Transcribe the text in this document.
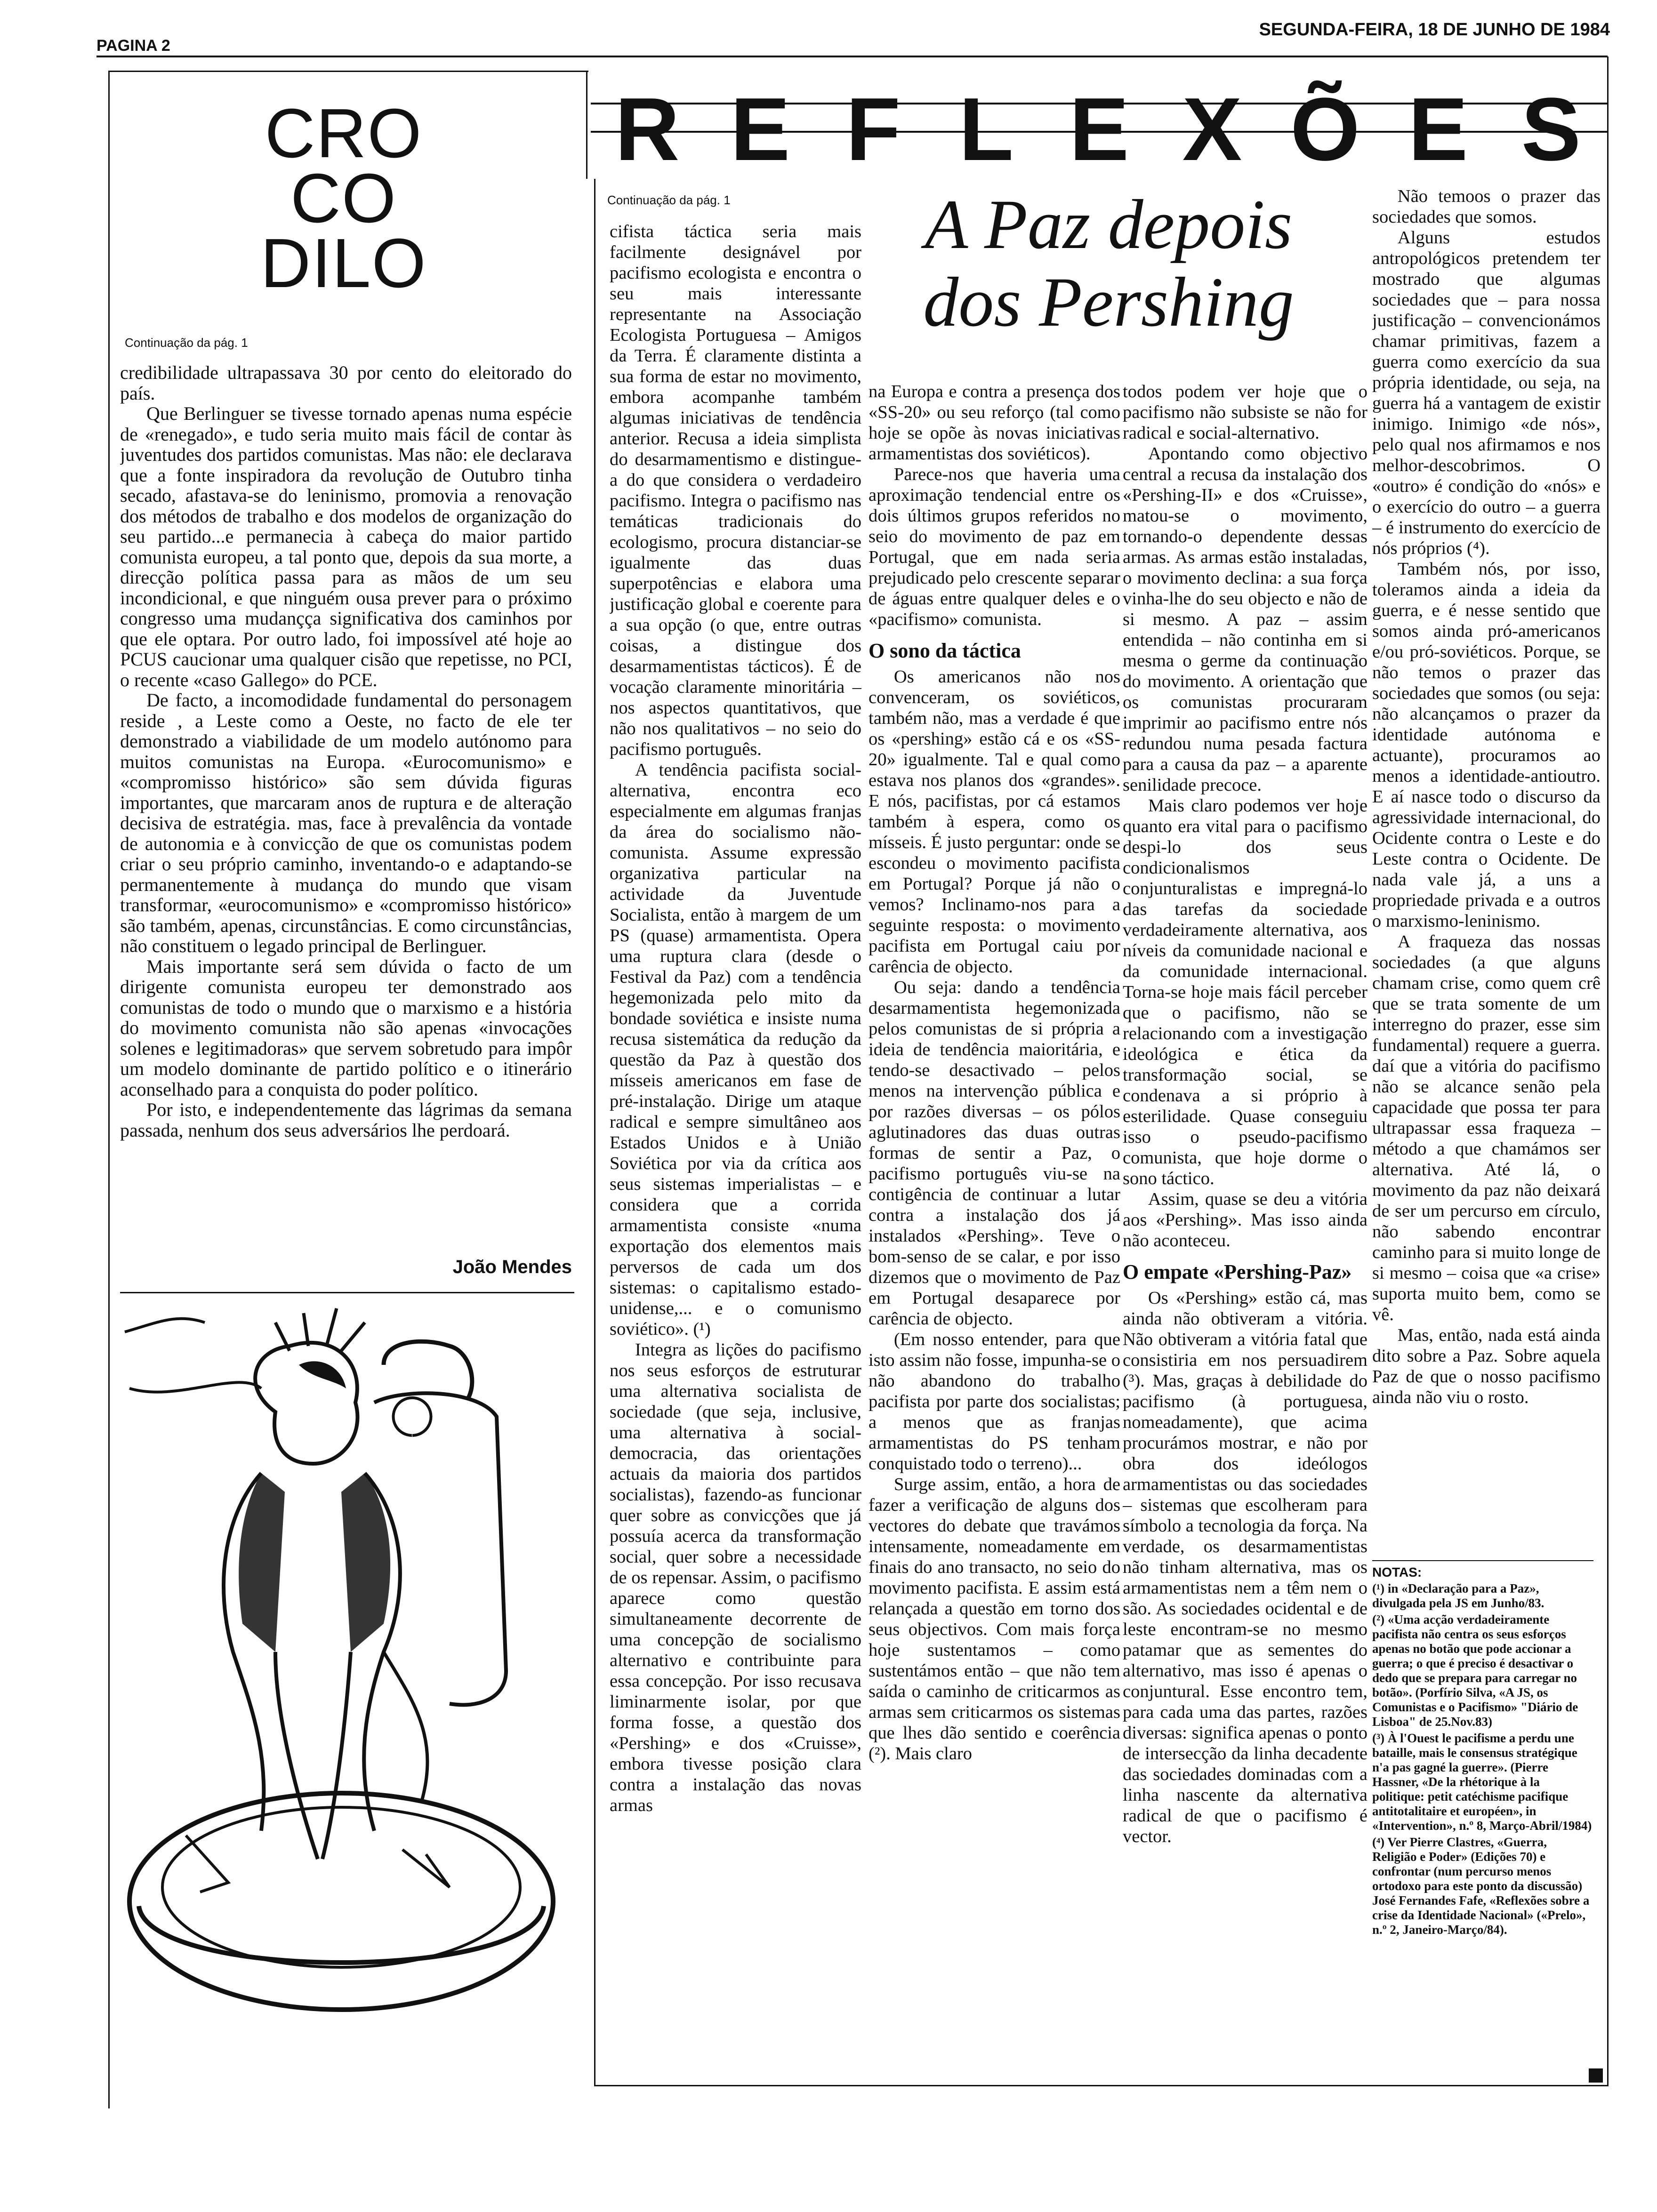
PAGINA 2
SEGUNDA-FEIRA, 18 DE JUNHO DE 1984
CRO
CO
DILO
Continuação da pág. 1

credibilidade ultrapassava 30 por cento do eleitorado do país.

Que Berlinguer se tivesse tornado apenas numa espécie de «renegado», e tudo seria muito mais fácil de contar às juventudes dos partidos comunistas. Mas não: ele declarava que a fonte inspiradora da revolução de Outubro tinha secado, afastava-se do leninismo, promovia a renovação dos métodos de trabalho e dos modelos de organização do seu partido...e permanecia à cabeça do maior partido comunista europeu, a tal ponto que, depois da sua morte, a direcção política passa para as mãos de um seu incondicional, e que ninguém ousa prever para o próximo congresso uma mudançça significativa dos caminhos por que ele optara. Por outro lado, foi impossível até hoje ao PCUS caucionar uma qualquer cisão que repetisse, no PCI, o recente «caso Gallego» do PCE.

De facto, a incomodidade fundamental do personagem reside , a Leste como a Oeste, no facto de ele ter demonstrado a viabilidade de um modelo autónomo para muitos comunistas na Europa. «Eurocomunismo» e «compromisso histórico» são sem dúvida figuras importantes, que marcaram anos de ruptura e de alteração decisiva de estratégia. mas, face à prevalência da vontade de autonomia e à convicção de que os comunistas podem criar o seu próprio caminho, inventando-o e adaptando-se permanentemente à mudança do mundo que visam transformar, «eurocomunismo» e «compromisso histórico» são também, apenas, circunstâncias. E como circunstâncias, não constituem o legado principal de Berlinguer.

Mais importante será sem dúvida o facto de um dirigente comunista europeu ter demonstrado aos comunistas de todo o mundo que o marxismo e a história do movimento comunista não são apenas «invocações solenes e legitimadoras» que servem sobretudo para impôr um modelo dominante de partido político e o itinerário aconselhado para a conquista do poder político.

Por isto, e independentemente das lágrimas da semana passada, nenhum dos seus adversários lhe perdoará.

João Mendes
R E F L E X Õ E S
Continuação da pág. 1	A Paz depois
dos Pershing

cifista táctica seria mais facilmente designável por pacifismo ecologista e encontra o seu mais interessante representante na Associação Ecologista Portuguesa – Amigos da Terra. É claramente distinta a sua forma de estar no movimento, embora acompanhe também algumas iniciativas de tendência anterior. Recusa a ideia simplista do desarmamentismo e distingue-a do que considera o verdadeiro pacifismo. Integra o pacifismo nas temáticas tradicionais do ecologismo, procura distanciar-se igualmente das duas superpotências e elabora uma justificação global e coerente para a sua opção (o que, entre outras coisas, a distingue dos desarmamentistas tácticos). É de vocação claramente minoritária – nos aspectos quantitativos, que não nos qualitativos – no seio do pacifismo português.

A tendência pacifista social-alternativa, encontra eco especialmente em algumas franjas da área do socialismo não-comunista. Assume expressão organizativa particular na actividade da Juventude Socialista, então à margem de um PS (quase) armamentista. Opera uma ruptura clara (desde o Festival da Paz) com a tendência hegemonizada pelo mito da bondade soviética e insiste numa recusa sistemática da redução da questão da Paz à questão dos mísseis americanos em fase de pré-instalação. Dirige um ataque radical e sempre simultâneo aos Estados Unidos e à União Soviética por via da crítica aos seus sistemas imperialistas – e considera que a corrida armamentista consiste «numa exportação dos elementos mais perversos de cada um dos sistemas: o capitalismo estado-unidense,... e o comunismo soviético». (¹)

Integra as lições do pacifismo nos seus esforços de estruturar uma alternativa socialista de sociedade (que seja, inclusive, uma alternativa à social-democracia, das orientações actuais da maioria dos partidos socialistas), fazendo-as funcionar quer sobre as convicções que já possuía acerca da transformação social, quer sobre a necessidade de os repensar. Assim, o pacifismo aparece como questão simultaneamente decorrente de uma concepção de socialismo alternativo e contribuinte para essa concepção. Por isso recusava liminarmente isolar, por que forma fosse, a questão dos «Pershing» e dos «Cruisse», embora tivesse posição clara contra a instalação das novas armas

na Europa e contra a presença dos «SS-20» ou seu reforço (tal como hoje se opõe às novas iniciativas armamentistas dos soviéticos).

Parece-nos que haveria uma aproximação tendencial entre os dois últimos grupos referidos no seio do movimento de paz em Portugal, que em nada seria prejudicado pelo crescente separar de águas entre qualquer deles e o «pacifismo» comunista.

O sono da táctica

Os americanos não nos convenceram, os soviéticos, também não, mas a verdade é que os «pershing» estão cá e os «SS-20» igualmente. Tal e qual como estava nos planos dos «grandes». E nós, pacifistas, por cá estamos também à espera, como os mísseis. É justo perguntar: onde se escondeu o movimento pacifista em Portugal? Porque já não o vemos? Inclinamo-nos para a seguinte resposta: o movimento pacifista em Portugal caiu por carência de objecto.

Ou seja: dando a tendência desarmamentista hegemonizada pelos comunistas de si própria a ideia de tendência maioritária, e tendo-se desactivado – pelos menos na intervenção pública e por razões diversas – os pólos aglutinadores das duas outras formas de sentir a Paz, o pacifismo português viu-se na contigência de continuar a lutar contra a instalação dos já instalados «Pershing». Teve o bom-senso de se calar, e por isso dizemos que o movimento de Paz em Portugal desaparece por carência de objecto.

(Em nosso entender, para que isto assim não fosse, impunha-se o não abandono do trabalho pacifista por parte dos socialistas; a menos que as franjas armamentistas do PS tenham conquistado todo o terreno)...

Surge assim, então, a hora de fazer a verificação de alguns dos vectores do debate que travámos intensamente, nomeadamente em finais do ano transacto, no seio do movimento pacifista. E assim está relançada a questão em torno dos seus objectivos. Com mais força hoje sustentamos – como sustentámos então – que não tem saída o caminho de criticarmos as armas sem criticarmos os sistemas que lhes dão sentido e coerência (²). Mais claro

todos podem ver hoje que o pacifismo não subsiste se não for radical e social-alternativo.

Apontando como objectivo central a recusa da instalação dos «Pershing-II» e dos «Cruisse», matou-se o movimento, tornando-o dependente dessas armas. As armas estão instaladas, o movimento declina: a sua força vinha-lhe do seu objecto e não de si mesmo. A paz – assim entendida – não continha em si mesma o germe da continuação do movimento. A orientação que os comunistas procuraram imprimir ao pacifismo entre nós redundou numa pesada factura para a causa da paz – a aparente senilidade precoce.

Mais claro podemos ver hoje quanto era vital para o pacifismo despi-lo dos seus condicionalismos conjunturalistas e impregná-lo das tarefas da sociedade verdadeiramente alternativa, aos níveis da comunidade nacional e da comunidade internacional. Torna-se hoje mais fácil perceber que o pacifismo, não se relacionando com a investigação ideológica e ética da transformação social, se condenava a si próprio à esterilidade. Quase conseguiu isso o pseudo-pacifismo comunista, que hoje dorme o sono táctico.

Assim, quase se deu a vitória aos «Pershing». Mas isso ainda não aconteceu.

O empate «Pershing-Paz»

Os «Pershing» estão cá, mas ainda não obtiveram a vitória. Não obtiveram a vitória fatal que consistiria em nos persuadirem (³). Mas, graças à debilidade do pacifismo (à portuguesa, nomeadamente), que acima procurámos mostrar, e não por obra dos ideólogos armamentistas ou das sociedades – sistemas que escolheram para símbolo a tecnologia da força. Na verdade, os desarmamentistas não tinham alternativa, mas os armamentistas nem a têm nem o são. As sociedades ocidental e de leste encontram-se no mesmo patamar que as sementes do alternativo, mas isso é apenas o conjuntural. Esse encontro tem, para cada uma das partes, razões diversas: significa apenas o ponto de intersecção da linha decadente das sociedades dominadas com a linha nascente da alternativa radical de que o pacifismo é vector.

Não temoos o prazer das sociedades que somos.

Alguns estudos antropológicos pretendem ter mostrado que algumas sociedades que – para nossa justificação – convencionámos chamar primitivas, fazem a guerra como exercício da sua própria identidade, ou seja, na guerra há a vantagem de existir inimigo. Inimigo «de nós», pelo qual nos afirmamos e nos melhor-descobrimos. O «outro» é condição do «nós» e o exercício do outro – a guerra – é instrumento do exercício de nós próprios (⁴).

Também nós, por isso, toleramos ainda a ideia da guerra, e é nesse sentido que somos ainda pró-americanos e/ou pró-soviéticos. Porque, se não temos o prazer das sociedades que somos (ou seja: não alcançamos o prazer da identidade autónoma e actuante), procuramos ao menos a identidade-antioutro. E aí nasce todo o discurso da agressividade internacional, do Ocidente contra o Leste e do Leste contra o Ocidente. De nada vale já, a uns a propriedade privada e a outros o marxismo-leninismo.

A fraqueza das nossas sociedades (a que alguns chamam crise, como quem crê que se trata somente de um interregno do prazer, esse sim fundamental) requere a guerra. daí que a vitória do pacifismo não se alcance senão pela capacidade que possa ter para ultrapassar essa fraqueza – método a que chamámos ser alternativa. Até lá, o movimento da paz não deixará de ser um percurso em círculo, não sabendo encontrar caminho para si muito longe de si mesmo – coisa que «a crise» suporta muito bem, como se vê.

Mas, então, nada está ainda dito sobre a Paz. Sobre aquela Paz de que o nosso pacifismo ainda não viu o rosto.

NOTAS:

(¹) in «Declaração para a Paz», divulgada pela JS em Junho/83.

(²) «Uma acção verdadeiramente pacifista não centra os seus esforços apenas no botão que pode accionar a guerra; o que é preciso é desactivar o dedo que se prepara para carregar no botão». (Porfírio Silva, «A JS, os Comunistas e o Pacifismo» "Diário de Lisboa" de 25.Nov.83)

(³) À l'Ouest le pacifisme a perdu une bataille, mais le consensus stratégique n'a pas gagné la guerre». (Pierre Hassner, «De la rhétorique à la politique: petit catéchisme pacifique antitotalitaire et européen», in «Intervention», n.º 8, Março-Abril/1984)

(⁴) Ver Pierre Clastres, «Guerra, Religião e Poder» (Edições 70) e confrontar (num percurso menos ortodoxo para este ponto da discussão) José Fernandes Fafe, «Reflexões sobre a crise da Identidade Nacional» («Prelo», n.º 2, Janeiro-Março/84).
